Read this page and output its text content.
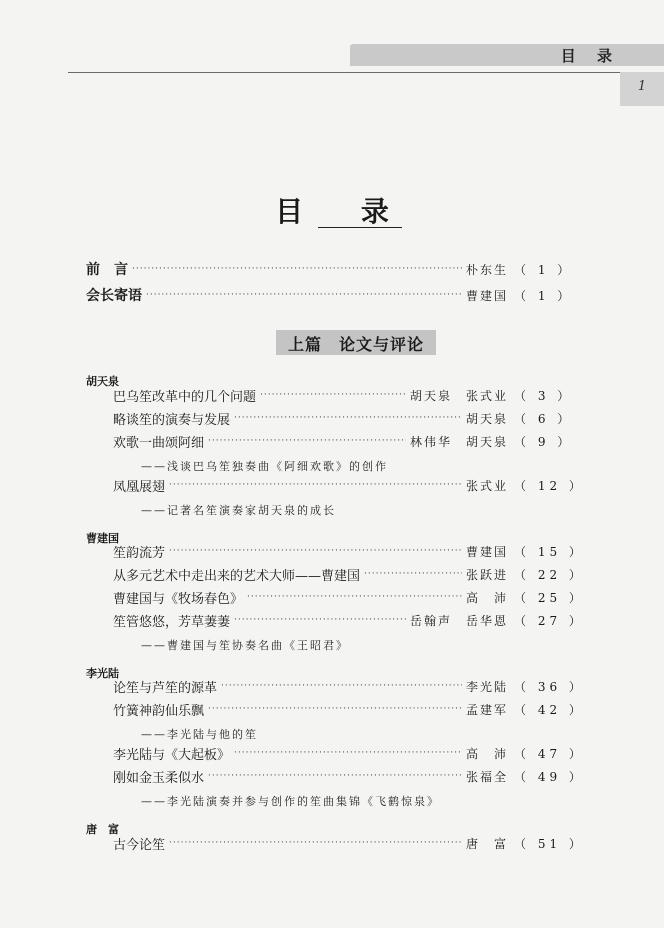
目 录
1
目 录
前　言 ·····	朴东生 （ 1 ）
会长寄语 ·····	曹建国 （ 1 ）
上篇　论文与评论
胡天泉
巴乌笙改革中的几个问题 ·····	胡天泉　张式业 （ 3 ）
略谈笙的演奏与发展 ·····	胡天泉 （ 6 ）
欢歌一曲颂阿细 ·····	林伟华　胡天泉 （ 9 ）
——浅谈巴乌笙独奏曲《阿细欢歌》的创作
凤凰展翅 ·····	张式业 （ 12 ）
——记著名笙演奏家胡天泉的成长
曹建国
笙韵流芳 ·····	曹建国 （ 15 ）
从多元艺术中走出来的艺术大师——曹建国 ·····	张跃进 （ 22 ）
曹建国与《牧场春色》 ·····	高　沛 （ 25 ）
笙管悠悠，芳草萋萋 ·····	岳翰声　岳华恩 （ 27 ）
——曹建国与笙协奏名曲《王昭君》
李光陆
论笙与芦笙的源革 ·····	李光陆 （ 36 ）
竹簧神韵仙乐飘 ·····	孟建军 （ 42 ）
——李光陆与他的笙
李光陆与《大起板》 ·····	高　沛 （ 47 ）
刚如金玉柔似水 ·····	张福全 （ 49 ）
——李光陆演奏并参与创作的笙曲集锦《飞鹤惊泉》
唐　富
古今论笙 ·····	唐　富 （ 51 ）
